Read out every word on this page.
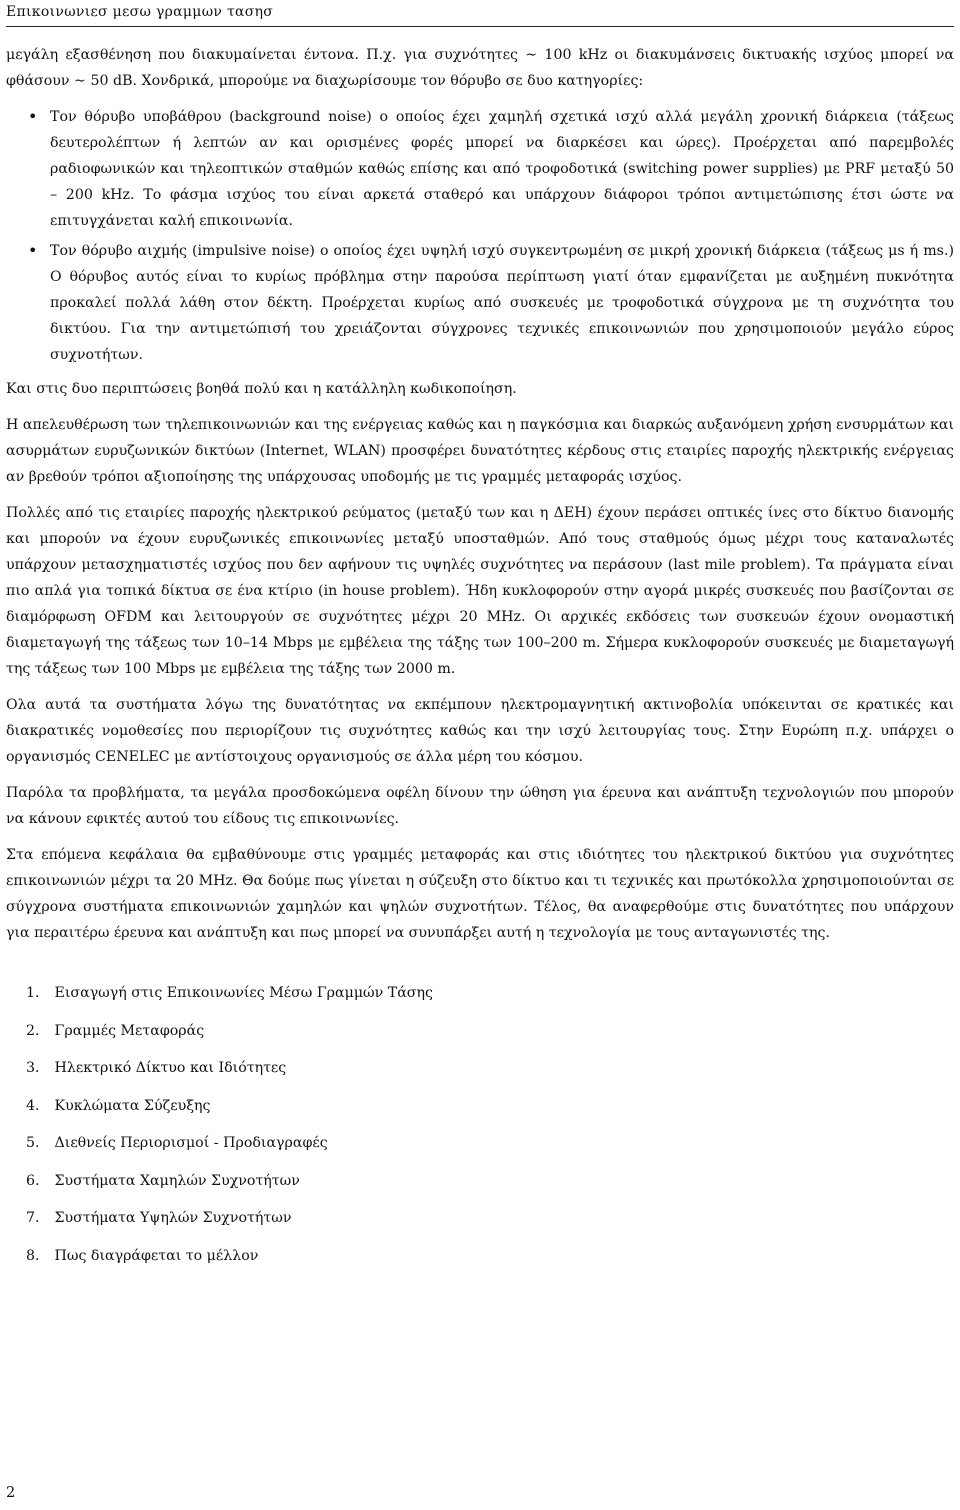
Επικοινωνιεσ μεσω γραμμων τασησ

μεγάλη εξασθένηση που διακυμαίνεται έντονα. Π.χ. για συχνότητες ∼ 100 kHz οι διακυμάνσεις δικτυακής ισχύος μπορεί να φθάσουν ∼ 50 dB. Χονδρικά, μπορούμε να διαχωρίσουμε τον θόρυβο σε δυο κατηγορίες:

• Τον θόρυβο υποβάθρου (background noise) ο οποίος έχει χαμηλή σχετικά ισχύ αλλά μεγάλη χρονική διάρκεια (τάξεως δευτερολέπτων ή λεπτών αν και ορισμένες φορές μπορεί να διαρκέσει και ώρες). Προέρχεται από παρεμβολές ραδιοφωνικών και τηλεοπτικών σταθμών καθώς επίσης και από τροφοδοτικά (switching power supplies) με PRF μεταξύ 50 – 200 kHz. Το φάσμα ισχύος του είναι αρκετά σταθερό και υπάρχουν διάφοροι τρόποι αντιμετώπισης έτσι ώστε να επιτυγχάνεται καλή επικοινωνία.
• Τον θόρυβο αιχμής (impulsive noise) ο οποίος έχει υψηλή ισχύ συγκεντρωμένη σε μικρή χρονική διάρκεια (τάξεως μs ή ms.) Ο θόρυβος αυτός είναι το κυρίως πρόβλημα στην παρούσα περίπτωση γιατί όταν εμφανίζεται με αυξημένη πυκνότητα προκαλεί πολλά λάθη στον δέκτη. Προέρχεται κυρίως από συσκευές με τροφοδοτικά σύγχρονα με τη συχνότητα του δικτύου. Για την αντιμετώπισή του χρειάζονται σύγχρονες τεχνικές επικοινωνιών που χρησιμοποιούν μεγάλο εύρος συχνοτήτων.

Και στις δυο περιπτώσεις βοηθά πολύ και η κατάλληλη κωδικοποίηση.

Η απελευθέρωση των τηλεπικοινωνιών και της ενέργειας καθώς και η παγκόσμια και διαρκώς αυξανόμενη χρήση ενσυρμάτων και ασυρμάτων ευρυζωνικών δικτύων (Internet, WLAN) προσφέρει δυνατότητες κέρδους στις εταιρίες παροχής ηλεκτρικής ενέργειας αν βρεθούν τρόποι αξιοποίησης της υπάρχουσας υποδομής με τις γραμμές μεταφοράς ισχύος.

Πολλές από τις εταιρίες παροχής ηλεκτρικού ρεύματος (μεταξύ των και η ΔΕΗ) έχουν περάσει οπτικές ίνες στο δίκτυο διανομής και μπορούν να έχουν ευρυζωνικές επικοινωνίες μεταξύ υποσταθμών. Από τους σταθμούς όμως μέχρι τους καταναλωτές υπάρχουν μετασχηματιστές ισχύος που δεν αφήνουν τις υψηλές συχνότητες να περάσουν (last mile problem). Τα πράγματα είναι πιο απλά για τοπικά δίκτυα σε ένα κτίριο (in house problem). Ήδη κυκλοφορούν στην αγορά μικρές συσκευές που βασίζονται σε διαμόρφωση OFDM και λειτουργούν σε συχνότητες μέχρι 20 MHz. Οι αρχικές εκδόσεις των συσκευών έχουν ονομαστική διαμεταγωγή της τάξεως των 10–14 Mbps με εμβέλεια της τάξης των 100–200 m. Σήμερα κυκλοφορούν συσκευές με διαμεταγωγή της τάξεως των 100 Mbps με εμβέλεια της τάξης των 2000 m.

Ολα αυτά τα συστήματα λόγω της δυνατότητας να εκπέμπουν ηλεκτρομαγνητική ακτινοβολία υπόκεινται σε κρατικές και διακρατικές νομοθεσίες που περιορίζουν τις συχνότητες καθώς και την ισχύ λειτουργίας τους. Στην Ευρώπη π.χ. υπάρχει ο οργανισμός CENELEC με αντίστοιχους οργανισμούς σε άλλα μέρη του κόσμου.

Παρόλα τα προβλήματα, τα μεγάλα προσδοκώμενα οφέλη δίνουν την ώθηση για έρευνα και ανάπτυξη τεχνολογιών που μπορούν να κάνουν εφικτές αυτού του είδους τις επικοινωνίες.

Στα επόμενα κεφάλαια θα εμβαθύνουμε στις γραμμές μεταφοράς και στις ιδιότητες του ηλεκτρικού δικτύου για συχνότητες επικοινωνιών μέχρι τα 20 MHz. Θα δούμε πως γίνεται η σύζευξη στο δίκτυο και τι τεχνικές και πρωτόκολλα χρησιμοποιούνται σε σύγχρονα συστήματα επικοινωνιών χαμηλών και ψηλών συχνοτήτων. Τέλος, θα αναφερθούμε στις δυνατότητες που υπάρχουν για περαιτέρω έρευνα και ανάπτυξη και πως μπορεί να συνυπάρξει αυτή η τεχνολογία με τους ανταγωνιστές της.

1. Εισαγωγή στις Επικοινωνίες Μέσω Γραμμών Τάσης
2. Γραμμές Μεταφοράς
3. Ηλεκτρικό Δίκτυο και Ιδιότητες
4. Κυκλώματα Σύζευξης
5. Διεθνείς Περιορισμοί - Προδιαγραφές
6. Συστήματα Χαμηλών Συχνοτήτων
7. Συστήματα Υψηλών Συχνοτήτων
8. Πως διαγράφεται το μέλλον
2
